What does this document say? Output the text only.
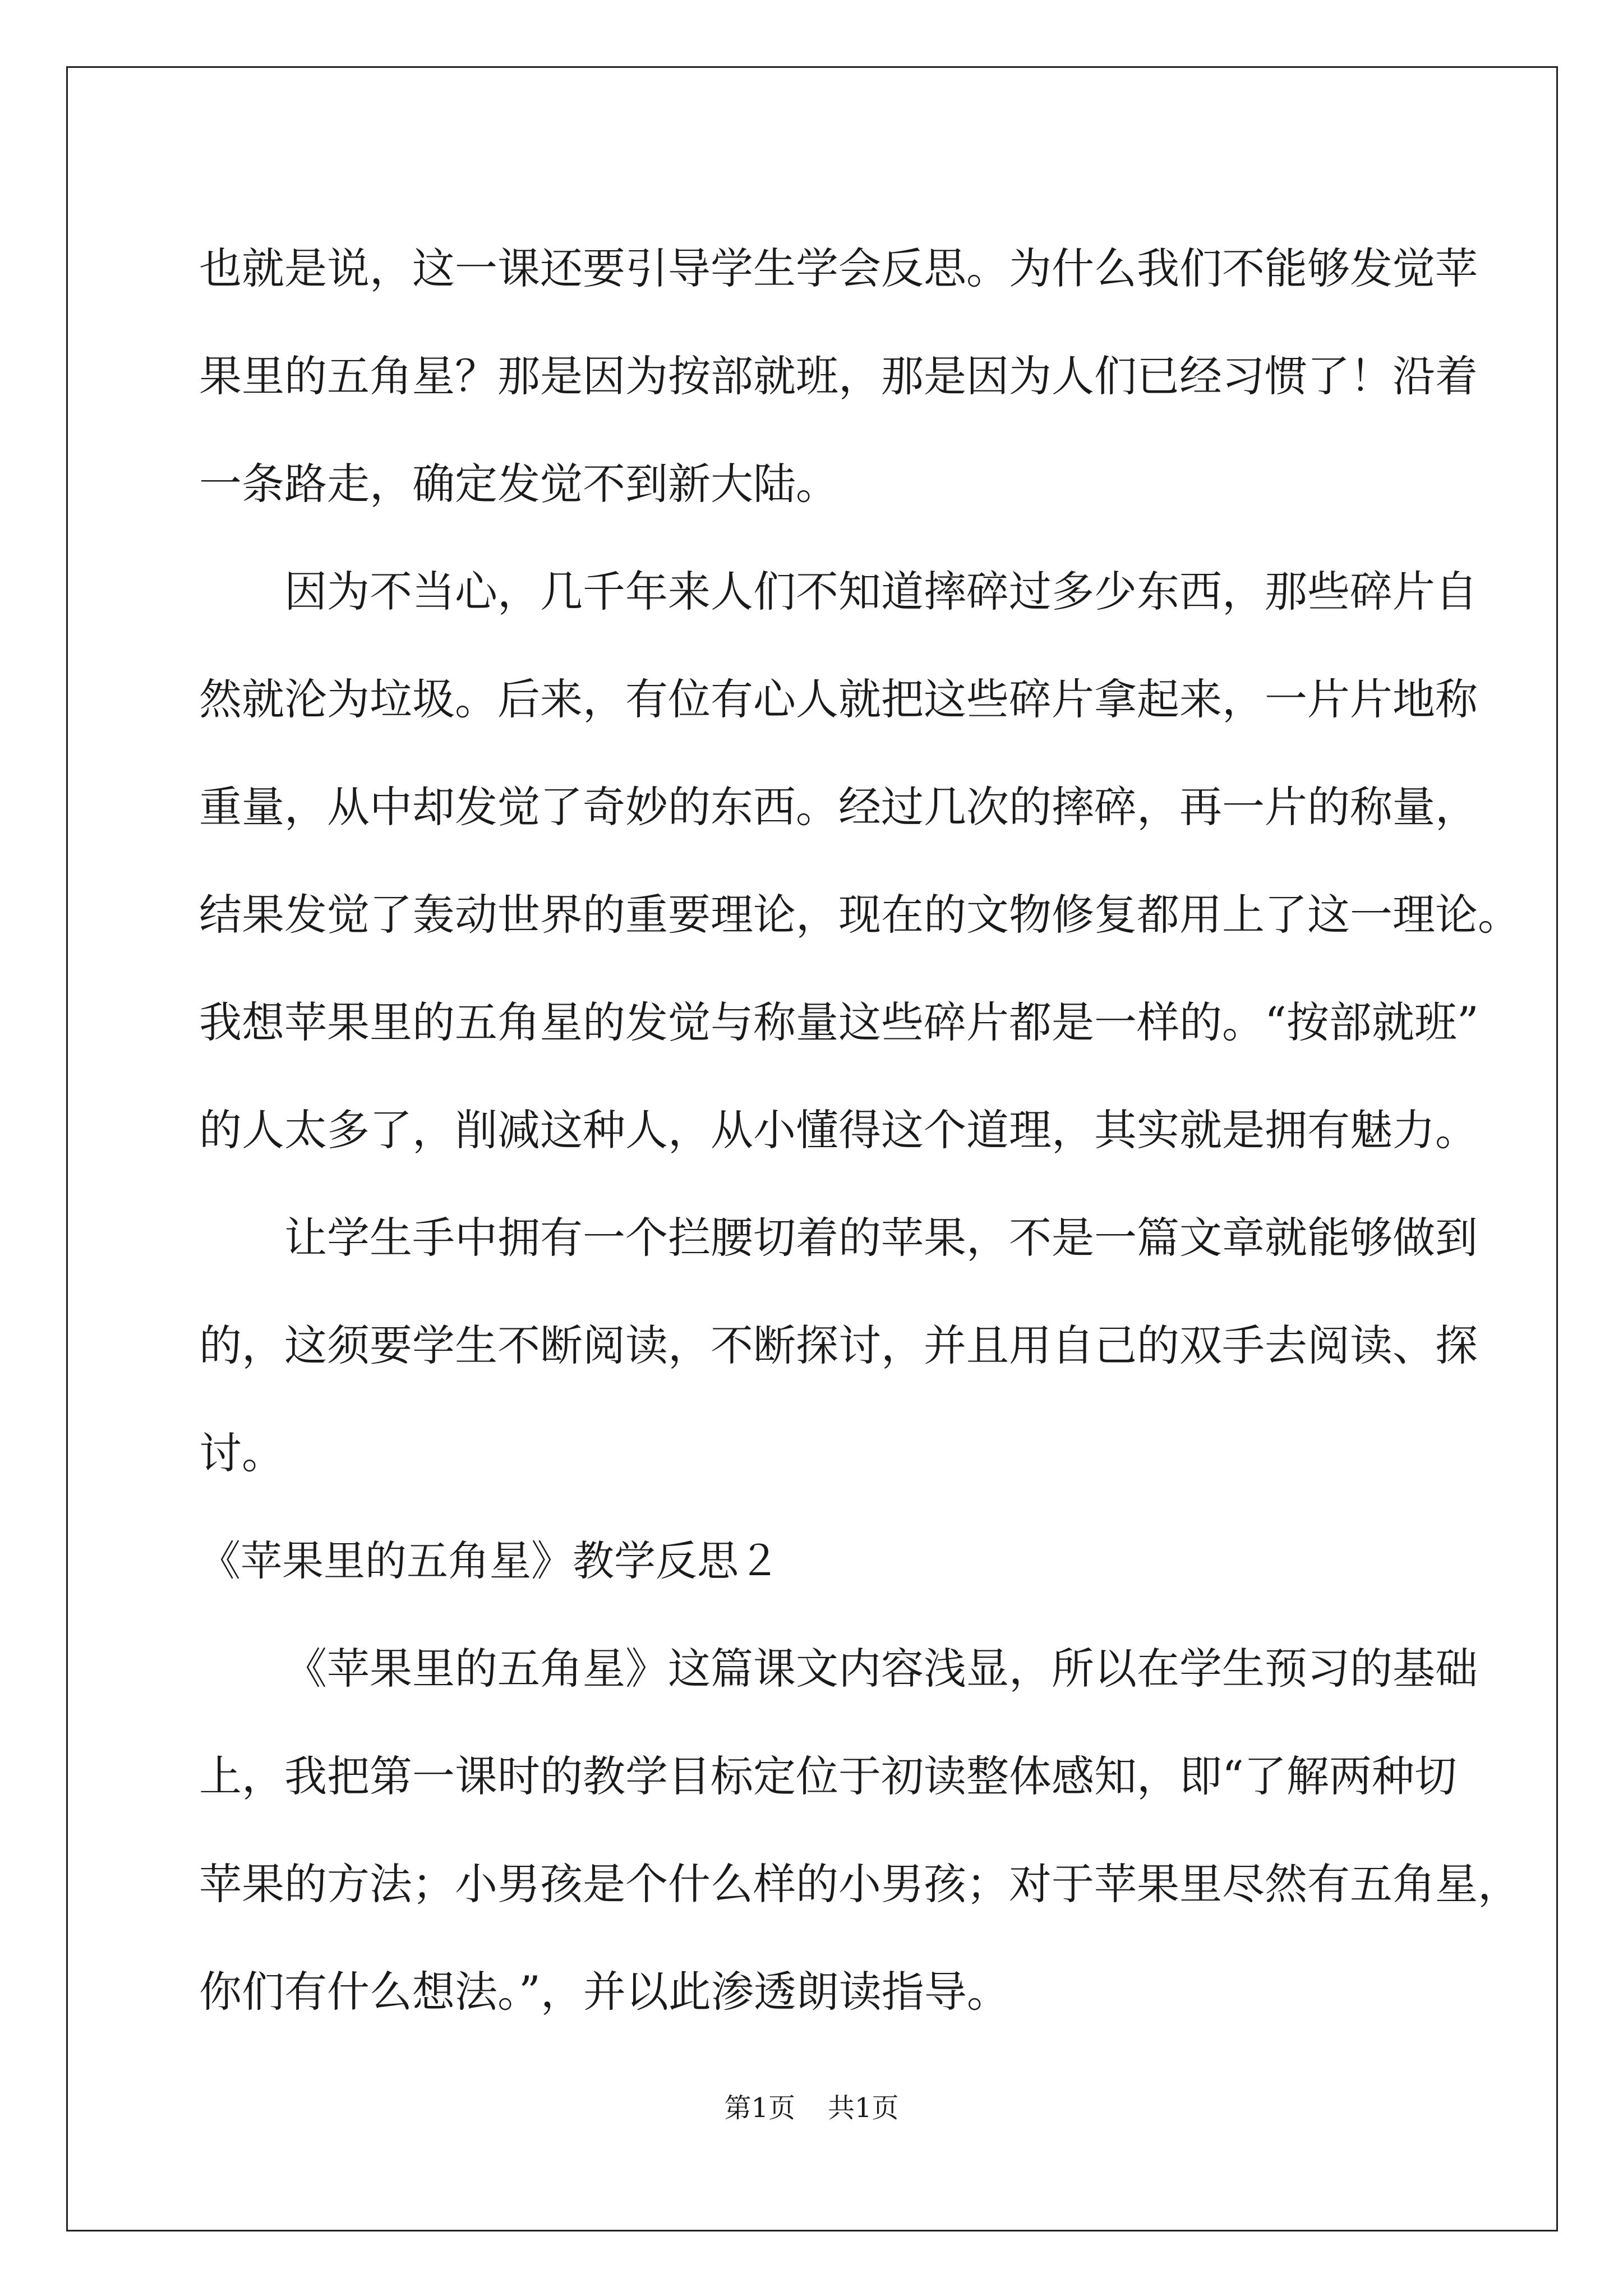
也就是说，这一课还要引导学生学会反思。为什么我们不能够发觉苹
果里的五角星？那是因为按部就班，那是因为人们已经习惯了！沿着
一条路走，确定发觉不到新大陆。
因为不当心，几千年来人们不知道摔碎过多少东西，那些碎片自
然就沦为垃圾。后来，有位有心人就把这些碎片拿起来，一片片地称
重量，从中却发觉了奇妙的东西。经过几次的摔碎，再一片的称量，
结果发觉了轰动世界的重要理论，现在的文物修复都用上了这一理论。
我想苹果里的五角星的发觉与称量这些碎片都是一样的。“按部就班”
的人太多了，削减这种人，从小懂得这个道理，其实就是拥有魅力。
让学生手中拥有一个拦腰切着的苹果，不是一篇文章就能够做到
的，这须要学生不断阅读，不断探讨，并且用自己的双手去阅读、探
讨。
《苹果里的五角星》教学反思２
《苹果里的五角星》这篇课文内容浅显，所以在学生预习的基础
上，我把第一课时的教学目标定位于初读整体感知，即“了解两种切
苹果的方法；小男孩是个什么样的小男孩；对于苹果里尽然有五角星，
你们有什么想法。”，并以此渗透朗读指导。
第1页 共1页
